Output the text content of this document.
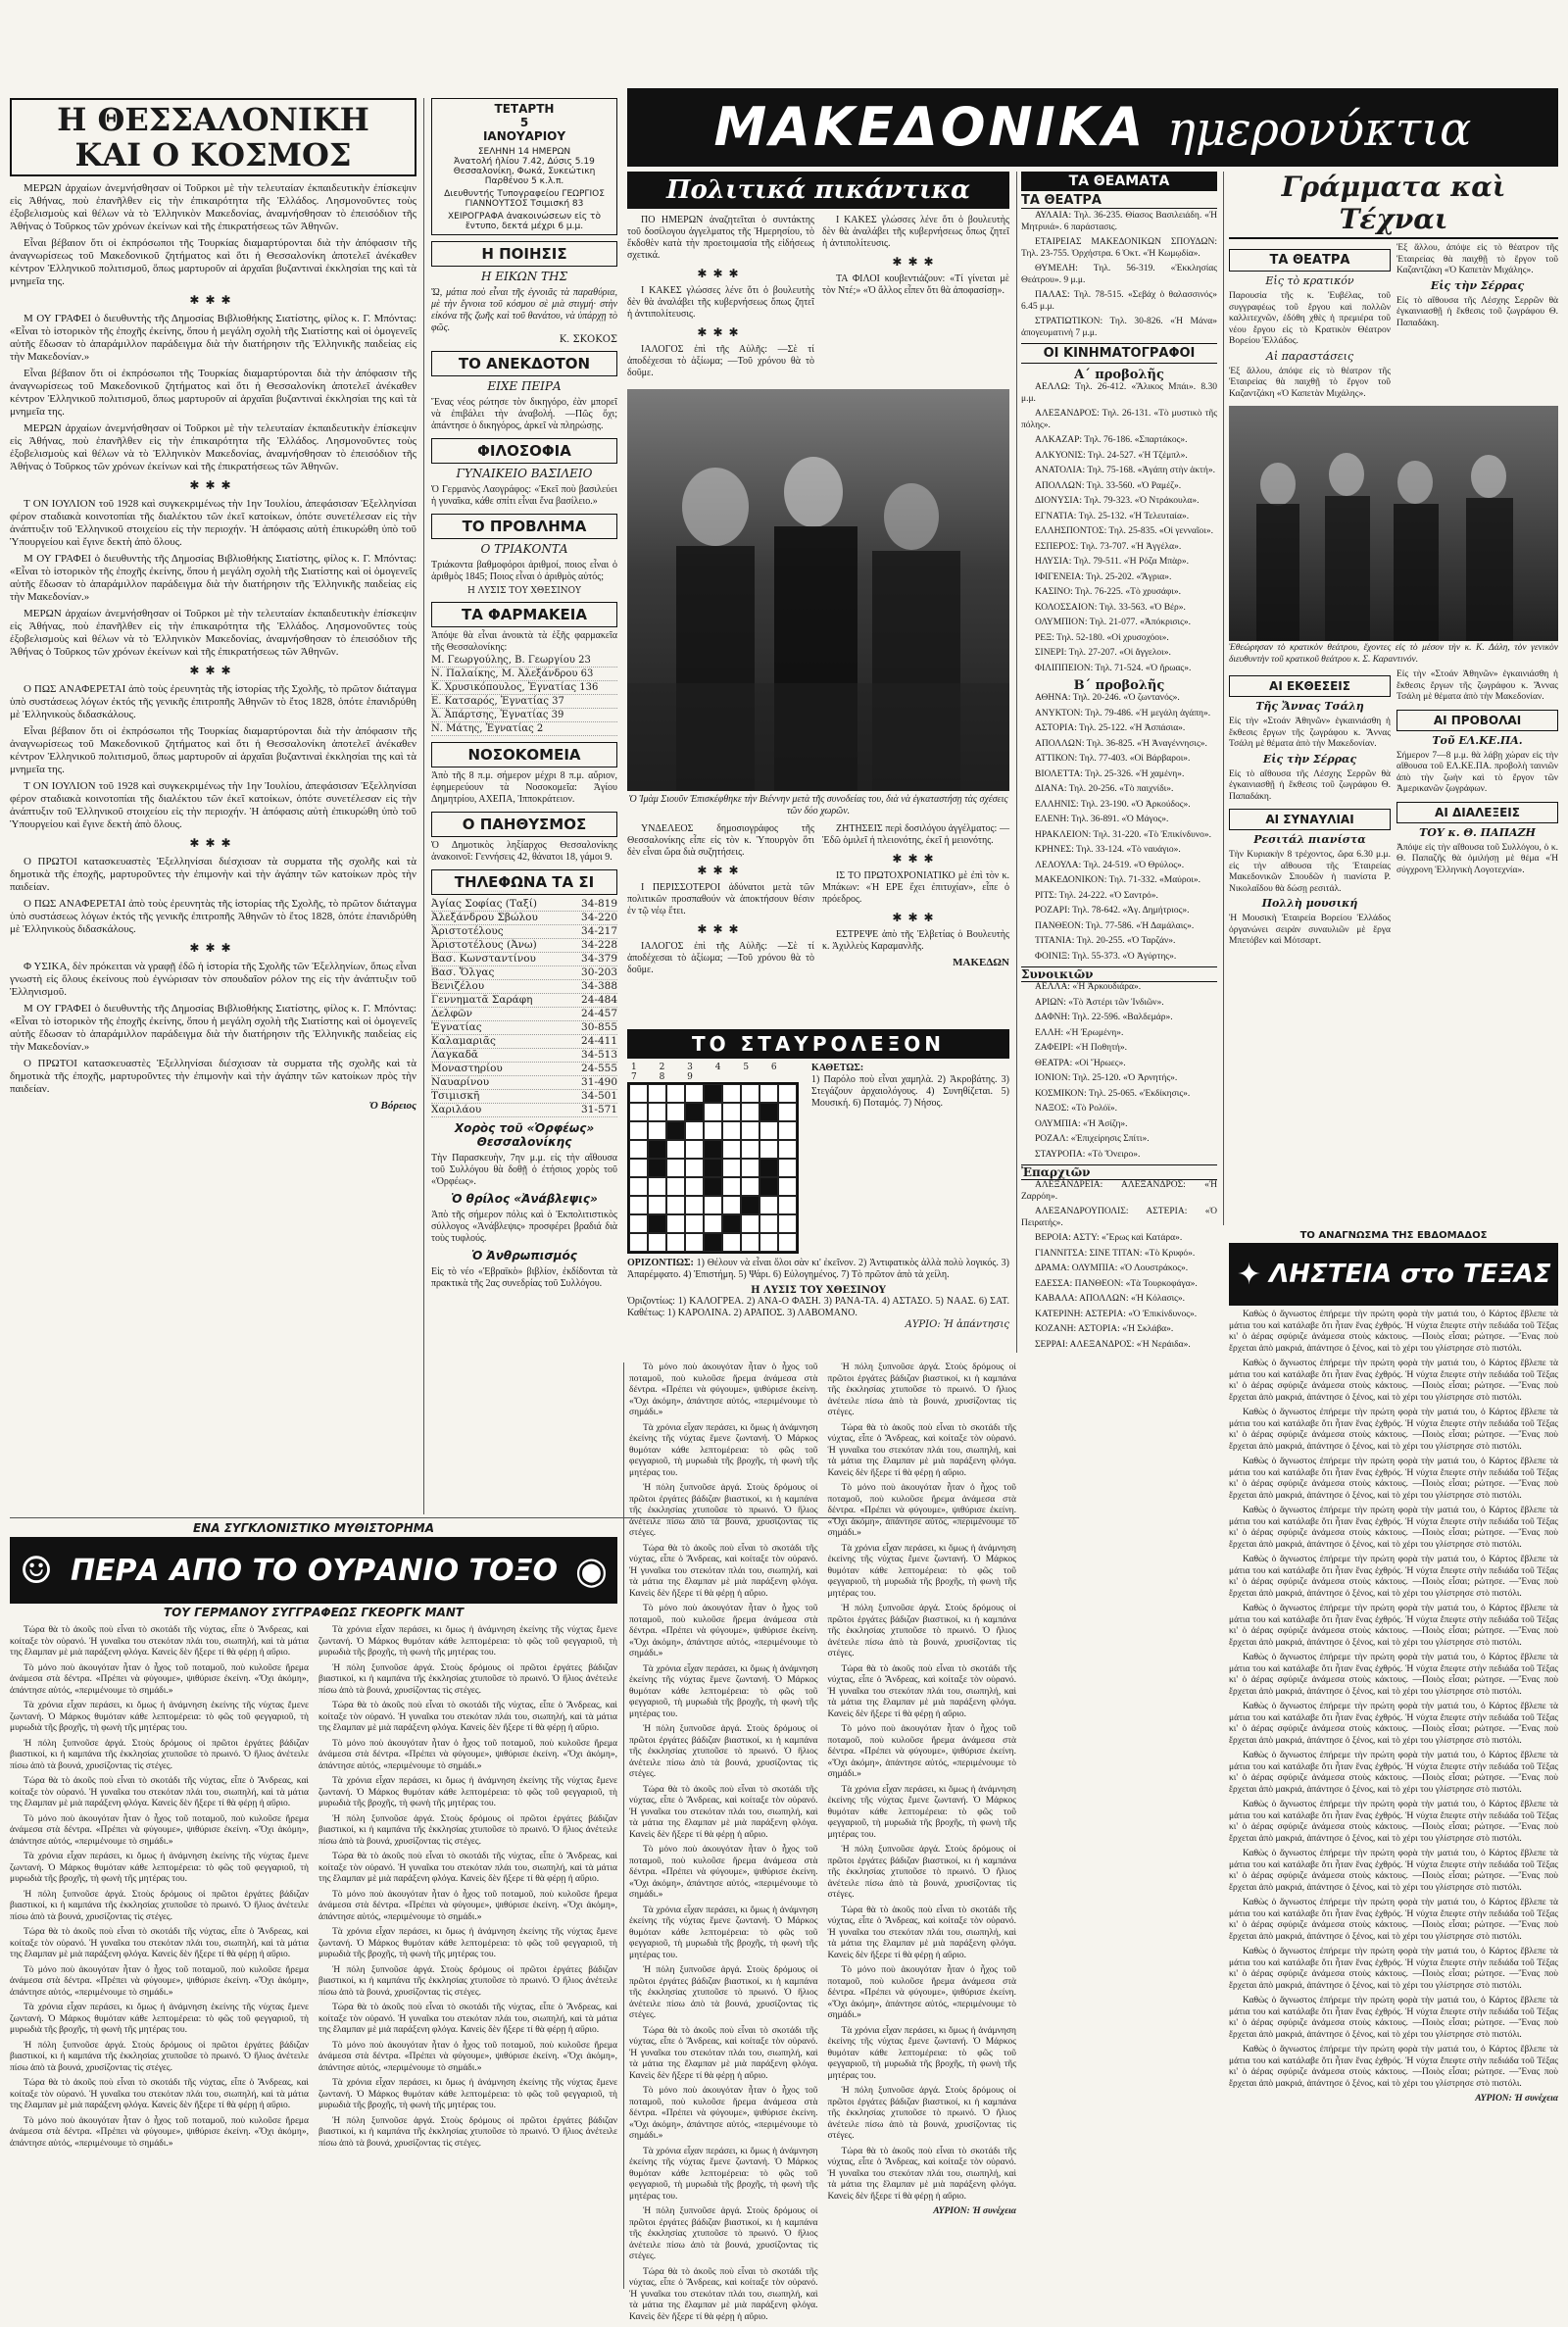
Η ΘΕΣΣΑΛΟΝΙΚΗ
ΚΑΙ Ο ΚΟΣΜΟΣ

ΜΕΡΩΝ ἀρχαίων ἀνεμνήσθησαν οἱ Τοῦρκοι μὲ τὴν τελευταίαν ἐκπαιδευτικὴν ἐπίσκεψιν εἰς Ἀθήνας, ποὺ ἐπανῆλθεν εἰς τὴν ἐπικαιρότητα τῆς Ἑλλάδος. Λησμονοῦντες τοὺς ἐξοβελισμοὺς καὶ θέλων νὰ τὸ Ἑλληνικὸν Μακεδονίας, ἀναμνήσθησαν τὸ ἐπεισόδιον τῆς Ἀθήνας ὁ Τοῦρκος τῶν χρόνων ἐκείνων καὶ τῆς ἐπικρατήσεως τῶν Ἀθηνῶν.

Εἶναι βέβαιον ὅτι οἱ ἐκπρόσωποι τῆς Τουρκίας διαμαρτύρονται διὰ τὴν ἀπόφασιν τῆς ἀναγνωρίσεως τοῦ Μακεδονικοῦ ζητήματος καὶ ὅτι ἡ Θεσσαλονίκη ἀποτελεῖ ἀνέκαθεν κέντρον Ἑλληνικοῦ πολιτισμοῦ, ὅπως μαρτυροῦν αἱ ἀρχαῖαι βυζαντιναὶ ἐκκλησίαι της καὶ τὰ μνημεῖα της.

✱✱✱

Μ ΟΥ ΓΡΑΦΕΙ ὁ διευθυντὴς τῆς Δημοσίας Βιβλιοθήκης Σιατίστης, φίλος κ. Γ. Μπόντας: «Εἶναι τὸ ἱστορικὸν τῆς ἐποχῆς ἐκείνης, ὅπου ἡ μεγάλη σχολὴ τῆς Σιατίστης καὶ οἱ ὁμογενεῖς αὐτῆς ἔδωσαν τὸ ἀπαράμιλλον παράδειγμα διὰ τὴν διατήρησιν τῆς Ἑλληνικῆς παιδείας εἰς τὴν Μακεδονίαν.»

Εἶναι βέβαιον ὅτι οἱ ἐκπρόσωποι τῆς Τουρκίας διαμαρτύρονται διὰ τὴν ἀπόφασιν τῆς ἀναγνωρίσεως τοῦ Μακεδονικοῦ ζητήματος καὶ ὅτι ἡ Θεσσαλονίκη ἀποτελεῖ ἀνέκαθεν κέντρον Ἑλληνικοῦ πολιτισμοῦ, ὅπως μαρτυροῦν αἱ ἀρχαῖαι βυζαντιναὶ ἐκκλησίαι της καὶ τὰ μνημεῖα της.

ΜΕΡΩΝ ἀρχαίων ἀνεμνήσθησαν οἱ Τοῦρκοι μὲ τὴν τελευταίαν ἐκπαιδευτικὴν ἐπίσκεψιν εἰς Ἀθήνας, ποὺ ἐπανῆλθεν εἰς τὴν ἐπικαιρότητα τῆς Ἑλλάδος. Λησμονοῦντες τοὺς ἐξοβελισμοὺς καὶ θέλων νὰ τὸ Ἑλληνικὸν Μακεδονίας, ἀναμνήσθησαν τὸ ἐπεισόδιον τῆς Ἀθήνας ὁ Τοῦρκος τῶν χρόνων ἐκείνων καὶ τῆς ἐπικρατήσεως τῶν Ἀθηνῶν.

✱✱✱

Τ ΟΝ ΙΟΥΛΙΟΝ τοῦ 1928 καὶ συγκεκριμένως τὴν 1ην Ἰουλίου, ἀπεφάσισαν Ἐξελληνίσαι φέρον σταδιακὰ κοινοτοπίαι τῆς διαλέκτου τῶν ἐκεῖ κατοίκων, ὁπότε συνετέλεσαν εἰς τὴν ἀνάπτυξιν τοῦ Ἑλληνικοῦ στοιχείου εἰς τὴν περιοχήν. Ἡ ἀπόφασις αὐτὴ ἐπικυρώθη ὑπὸ τοῦ Ὑπουργείου καὶ ἔγινε δεκτὴ ἀπὸ ὅλους.

Μ ΟΥ ΓΡΑΦΕΙ ὁ διευθυντὴς τῆς Δημοσίας Βιβλιοθήκης Σιατίστης, φίλος κ. Γ. Μπόντας: «Εἶναι τὸ ἱστορικὸν τῆς ἐποχῆς ἐκείνης, ὅπου ἡ μεγάλη σχολὴ τῆς Σιατίστης καὶ οἱ ὁμογενεῖς αὐτῆς ἔδωσαν τὸ ἀπαράμιλλον παράδειγμα διὰ τὴν διατήρησιν τῆς Ἑλληνικῆς παιδείας εἰς τὴν Μακεδονίαν.»

ΜΕΡΩΝ ἀρχαίων ἀνεμνήσθησαν οἱ Τοῦρκοι μὲ τὴν τελευταίαν ἐκπαιδευτικὴν ἐπίσκεψιν εἰς Ἀθήνας, ποὺ ἐπανῆλθεν εἰς τὴν ἐπικαιρότητα τῆς Ἑλλάδος. Λησμονοῦντες τοὺς ἐξοβελισμοὺς καὶ θέλων νὰ τὸ Ἑλληνικὸν Μακεδονίας, ἀναμνήσθησαν τὸ ἐπεισόδιον τῆς Ἀθήνας ὁ Τοῦρκος τῶν χρόνων ἐκείνων καὶ τῆς ἐπικρατήσεως τῶν Ἀθηνῶν.

✱✱✱

Ο ΠΩΣ ΑΝΑΦΕΡΕΤΑΙ ἀπὸ τοὺς ἐρευνητὰς τῆς ἱστορίας τῆς Σχολῆς, τὸ πρῶτον διάταγμα ὑπὸ συστάσεως λόγων ἐκτός τῆς γενικῆς ἐπιτροπῆς Ἀθηνῶν τὸ ἔτος 1828, ὁπότε ἐπανιδρύθη μὲ Ἑλληνικοὺς διδασκάλους.

Εἶναι βέβαιον ὅτι οἱ ἐκπρόσωποι τῆς Τουρκίας διαμαρτύρονται διὰ τὴν ἀπόφασιν τῆς ἀναγνωρίσεως τοῦ Μακεδονικοῦ ζητήματος καὶ ὅτι ἡ Θεσσαλονίκη ἀποτελεῖ ἀνέκαθεν κέντρον Ἑλληνικοῦ πολιτισμοῦ, ὅπως μαρτυροῦν αἱ ἀρχαῖαι βυζαντιναὶ ἐκκλησίαι της καὶ τὰ μνημεῖα της.

Τ ΟΝ ΙΟΥΛΙΟΝ τοῦ 1928 καὶ συγκεκριμένως τὴν 1ην Ἰουλίου, ἀπεφάσισαν Ἐξελληνίσαι φέρον σταδιακὰ κοινοτοπίαι τῆς διαλέκτου τῶν ἐκεῖ κατοίκων, ὁπότε συνετέλεσαν εἰς τὴν ἀνάπτυξιν τοῦ Ἑλληνικοῦ στοιχείου εἰς τὴν περιοχήν. Ἡ ἀπόφασις αὐτὴ ἐπικυρώθη ὑπὸ τοῦ Ὑπουργείου καὶ ἔγινε δεκτὴ ἀπὸ ὅλους.

✱✱✱

Ο ΠΡΩΤΟΙ κατασκευαστὲς Ἐξελληνίσαι διέσχισαν τὰ συρματα τῆς σχολῆς καὶ τὰ δημοτικὰ τῆς ἐποχῆς, μαρτυροῦντες τὴν ἐπιμονὴν καὶ τὴν ἀγάπην τῶν κατοίκων πρὸς τὴν παιδείαν.

Ο ΠΩΣ ΑΝΑΦΕΡΕΤΑΙ ἀπὸ τοὺς ἐρευνητὰς τῆς ἱστορίας τῆς Σχολῆς, τὸ πρῶτον διάταγμα ὑπὸ συστάσεως λόγων ἐκτός τῆς γενικῆς ἐπιτροπῆς Ἀθηνῶν τὸ ἔτος 1828, ὁπότε ἐπανιδρύθη μὲ Ἑλληνικοὺς διδασκάλους.

✱✱✱

Φ ΥΣΙΚΑ, δὲν πρόκειται νὰ γραφῇ ἐδῶ ἡ ἱστορία τῆς Σχολῆς τῶν Ἐξελληνίων, ὅπως εἶναι γνωστὴ εἰς ὅλους ἐκείνους ποὺ ἐγνώρισαν τὸν σπουδαῖον ρόλον της εἰς τὴν ἀνάπτυξιν τοῦ Ἑλληνισμοῦ.

Μ ΟΥ ΓΡΑΦΕΙ ὁ διευθυντὴς τῆς Δημοσίας Βιβλιοθήκης Σιατίστης, φίλος κ. Γ. Μπόντας: «Εἶναι τὸ ἱστορικὸν τῆς ἐποχῆς ἐκείνης, ὅπου ἡ μεγάλη σχολὴ τῆς Σιατίστης καὶ οἱ ὁμογενεῖς αὐτῆς ἔδωσαν τὸ ἀπαράμιλλον παράδειγμα διὰ τὴν διατήρησιν τῆς Ἑλληνικῆς παιδείας εἰς τὴν Μακεδονίαν.»

Ο ΠΡΩΤΟΙ κατασκευαστὲς Ἐξελληνίσαι διέσχισαν τὰ συρματα τῆς σχολῆς καὶ τὰ δημοτικὰ τῆς ἐποχῆς, μαρτυροῦντες τὴν ἐπιμονὴν καὶ τὴν ἀγάπην τῶν κατοίκων πρὸς τὴν παιδείαν.

Ὁ Βόρειος
ΤΕΤΑΡΤΗ
5
ΙΑΝΟΥΑΡΙΟΥ
ΣΕΛΗΝΗ 14 ΗΜΕΡΩΝ
Ἀνατολή ἡλίου 7.42, Δύσις 5.19
Θεσσαλονίκη, Φωκά, Συκεώτικη Παρθένου 5 κ.λ.π.
Διευθυντής Τυπογραφείου ΓΕΩΡΓΙΟΣ ΓΙΑΝΝΟΥΤΣΟΣ Τσιμισκή 83
ΧΕΙΡΟΓΡΑΦΑ ἀνακοινώσεων εἰς τὸ ἔντυπο, δεκτά μέχρι 6 μ.μ.
Η ΠΟΙΗΣΙΣ
Η ΕΙΚΩΝ ΤΗΣ
Ὤ, μάτια ποὺ εἶναι τῆς ἐγνοιᾶς τὰ παραθύρια, μὲ τὴν ἔγνοια τοῦ κόσμου σὲ μιὰ στιγμή· στὴν εἰκόνα τῆς ζωῆς καὶ τοῦ θανάτου, νὰ ὑπάρχῃ τὸ φῶς.
Κ. ΣΚΟΚΟΣ
ΤΟ ΑΝΕΚΔΟΤΟΝ
ΕΙΧΕ ΠΕΙΡΑ
Ἕνας νέος ρώτησε τὸν δικηγόρο, ἐὰν μπορεῖ νὰ ἐπιβάλει τὴν ἀναβολή. —Πῶς ὄχι; ἀπάντησε ὁ δικηγόρος, ἀρκεῖ νὰ πληρώσῃς.
ΦΙΛΟΣΟΦΙΑ
ΓΥΝΑΙΚΕΙΟ ΒΑΣΙΛΕΙΟ
Ὁ Γερμανὸς Λαογράφος: «Ἐκεῖ ποὺ βασιλεύει ἡ γυναῖκα, κάθε σπίτι εἶναι ἕνα βασίλειο.»
ΤΟ ΠΡΟΒΛΗΜΑ
Ο ΤΡΙΑΚΟΝΤΑ
Τριάκοντα βαθμοφόροι ἀριθμοί, ποιος εἶναι ὁ ἀριθμὸς 1845; Ποιος εἶναι ὁ ἀριθμὸς αὐτός;
Η ΛΥΣΙΣ ΤΟΥ ΧΘΕΣΙΝΟΥ
ΤΑ ΦΑΡΜΑΚΕΙΑ
Ἀπόψε θὰ εἶναι ἀνοικτὰ τὰ ἑξῆς φαρμακεῖα τῆς Θεσσαλονίκης:
Μ. Γεωργούλης, Β. Γεωργίου 23
Ν. Παλαίκης, Μ. Ἀλεξάνδρου 63
Κ. Χρυσικόπουλος, Ἐγνατίας 136
Ε. Κατσαρός, Ἐγνατίας 37
Ἀ. Ἀπάρτσης, Ἐγνατίας 39
Ν. Μάτης, Ἐγνατίας 2
ΝΟΣΟΚΟΜΕΙΑ
Ἀπὸ τῆς 8 π.μ. σήμερον μέχρι 8 π.μ. αὔριον, ἐφημερεύουν τὰ Νοσοκομεῖα: Ἀγίου Δημητρίου, ΑΧΕΠΑ, Ἱπποκράτειον.
Ο ΠΑΗΘΥΣΜΟΣ
Ὁ Δημοτικὸς ληξίαρχος Θεσσαλονίκης ἀνακοινοῖ: Γεννήσεις 42, θάνατοι 18, γάμοι 9.
ΤΗΛΕΦΩΝΑ ΤΑ ΣΙ
Ἀγίας Σοφίας (Ταξί)	34-819
Ἀλεξάνδρου Σβώλου	34-220
Ἀριστοτέλους	34-217
Ἀριστοτέλους (Ἀνω)	34-228
Βασ. Κωνσταντίνου	34-379
Βασ. Ὄλγας	30-203
Βενιζέλου	34-388
Γεννηματᾶ Σαράφη	24-484
Δελφῶν	24-457
Ἐγνατίας	30-855
Καλαμαριᾶς	24-411
Λαγκαδᾶ	34-513
Μοναστηρίου	24-555
Ναυαρίνου	31-490
Τσιμισκῆ	34-501
Χαριλάου	31-571
Χορὸς τοῦ «Ὀρφέως» Θεσσαλονίκης
Τὴν Παρασκευὴν, 7ην μ.μ. εἰς τὴν αἴθουσα τοῦ Συλλόγου θὰ δοθῇ ὁ ἐτήσιος χορὸς τοῦ «Ὀρφέως».
Ὁ θρίλος «Ἀνάβλεψις»
Ἀπὸ τῆς σήμερον πόλις καὶ ὁ Ἐκπολιτιστικὸς σύλλογος «Ἀνάβλεψις» προσφέρει βραδιά διὰ τοὺς τυφλούς.
Ὁ Ἀνθρωπισμός
Εἰς τὸ νέο «Ἑβραϊκὸ» βιβλίον, ἐκδίδονται τὰ πρακτικὰ τῆς 2ας συνεδρίας τοῦ Συλλόγου.
ΜΑΚΕΔΟΝΙΚΑ ημερονύκτια
Πολιτικά πικάντικα

ΠΟ ΗΜΕΡΩΝ ἀναζητεῖται ὁ συντάκτης τοῦ δοσίλογου ἀγγελματος τῆς Ἡμερησίου, τὸ ἔκδοθὲν κατὰ τὴν προετοιμασία τῆς εἰδήσεως σχετικά.

✱✱✱

Ι ΚΑΚΕΣ γλώσσες λένε ὅτι ὁ βουλευτὴς δὲν θὰ ἀναλάβει τῆς κυβερνήσεως ὅπως ζητεῖ ἡ ἀντιπολίτευσις.

✱✱✱

ΙΑΛΟΓΟΣ ἐπὶ τῆς Αὐλῆς: —Σὲ τί ἀποδέχεσαι τὸ ἀξίωμα; —Τοῦ χρόνου θὰ τὸ δοῦμε.

Ι ΚΑΚΕΣ γλώσσες λένε ὅτι ὁ βουλευτὴς δὲν θὰ ἀναλάβει τῆς κυβερνήσεως ὅπως ζητεῖ ἡ ἀντιπολίτευσις.

✱✱✱

ΤΑ ΦΙΛΟΙ κουβεντιάζουν: «Τί γίνεται μὲ τὸν Ντέ;» «Ὁ ἄλλος εἶπεν ὅτι θὰ ἀποφασίσῃ».

Ὁ Ἰμὰμ Σιουῦν Ἐπισκέφθηκε τὴν Βιέννην μετὰ τῆς συνοδείας του, διὰ νὰ ἐγκαταστήσῃ τὰς σχέσεις τῶν δύο χωρῶν.

ΥΝΔΕΛΕΟΣ δημοσιογράφος τῆς Θεσσαλονίκης εἶπε εἰς τὸν κ. Ὑπουργὸν ὅτι δὲν εἶναι ὥρα διὰ συζητήσεις.

✱✱✱

Ι ΠΕΡΙΣΣΟΤΕΡΟΙ ἀδύνατοι μετὰ τῶν πολιτικῶν προσπαθούν νὰ ἀποκτήσουν θέσιν ἐν τῷ νέῳ ἔτει.

✱✱✱

ΙΑΛΟΓΟΣ ἐπὶ τῆς Αὐλῆς: —Σὲ τί ἀποδέχεσαι τὸ ἀξίωμα; —Τοῦ χρόνου θὰ τὸ δοῦμε.

ΖΗΤΗΣΕΙΣ περὶ δοσιλόγου ἀγγέλματος: —Ἐδῶ ὁμιλεῖ ἡ πλειονότης, ἐκεῖ ἡ μειονότης.

✱✱✱

ΙΣ ΤΟ ΠΡΩΤΟΧΡΟΝΙΑΤΙΚΟ μὲ ἐπὶ τὸν κ. Μπάκων: «Ἡ ΕΡΕ ἔχει ἐπιτυχίαν», εἶπε ὁ πρόεδρος.

✱✱✱

ΕΣΤΡΕΨΕ ἀπὸ τῆς Ἐλβετίας ὁ Βουλευτὴς κ. Ἀχιλλεὺς Καραμανλῆς.

ΜΑΚΕΔΩΝ
ΤΟ ΣΤΑΥΡΟΛΕΞΟΝ
1 2 3 4 5 6 7 8 9
ΚΑΘΕΤΩΣ:
1) Παρόλο ποὺ εἶναι χαμηλὰ. 2) Ἀκροβάτης. 3) Στεγάζουν ἀρχαιολόγους. 4) Συνηθίζεται. 5) Μουσική. 6) Ποταμός. 7) Νήσος.
ΟΡΙΖΟΝΤΙΩΣ: 1) Θέλουν νὰ εἶναι ὅλοι σὰν κι' ἐκεῖνον. 2) Ἀντιφατικὸς ἀλλὰ πολὺ λογικός. 3) Ἀπαρέμφατο. 4) Ἐπιστήμη. 5) Ψάρι. 6) Εὐλογημένος. 7) Τὸ πρῶτον ἀπὸ τὰ χείλη.
Η ΛΥΣΙΣ ΤΟΥ ΧΘΕΣΙΝΟΥ
Ὁριζοντίως: 1) ΚΑΛΟΓΡΕΑ. 2) ΑΝΑ-Ο ΦΑΣΗ. 3) ΡΑΝΑ-ΤΑ. 4) ΑΣΤΑΣΟ. 5) ΝΑΑΣ. 6) ΣΑΤ. Καθέτως: 1) ΚΑΡΟΛΙΝΑ. 2) ΑΡΑΠΟΣ. 3) ΛΑΒΟΜΑΝΟ.
ΑΥΡΙΟ: Ἡ ἀπάντησις
ΤΑ ΘΕΑΜΑΤΑ
ΤΑ ΘΕΑΤΡΑ

ΑΥΛΑΙΑ: Τηλ. 36-235. Θίασος Βασιλειάδη. «Ἡ Μητρυιά». 6 παράστασις.

ΕΤΑΙΡΕΙΑΣ ΜΑΚΕΔΟΝΙΚΩΝ ΣΠΟΥΔΩΝ: Τηλ. 23-755. Ὀρχήστρα. 6 Ὀκτ. «Ἡ Κωμῳδία».

ΘΥΜΕΛΗ: Τηλ. 56-319. «Ἐκκλησίας Θεάτρου». 9 μ.μ.

ΠΑΛΑΣ: Τηλ. 78-515. «Σεβάχ ὁ θαλασσινός» 6.45 μ.μ.

ΣΤΡΑΤΙΩΤΙΚΟΝ: Τηλ. 30-826. «Ἡ Μάνα» ἀπογευματινὴ 7 μ.μ.

ΟΙ ΚΙΝΗΜΑΤΟΓΡΑΦΟΙ
Α΄ προβολῆς

ΑΕΛΛΩ: Τηλ. 26-412. «Ἄλικος Μπάι». 8.30 μ.μ.

ΑΛΕΞΑΝΔΡΟΣ: Τηλ. 26-131. «Τὸ μυστικὸ τῆς πόλης».

ΑΛΚΑΖΑΡ: Τηλ. 76-186. «Σπαρτάκος».

ΑΛΚΥΟΝΙΣ: Τηλ. 24-527. «Ἡ Τζέμπλ».

ΑΝΑΤΟΛΙΑ: Τηλ. 75-168. «Ἀγάπη στὴν ἀκτή».

ΑΠΟΛΛΩΝ: Τηλ. 33-560. «Ὁ Ραμέζ».

ΔΙΟΝΥΣΙΑ: Τηλ. 79-323. «Ὁ Ντράκουλα».

ΕΓΝΑΤΙΑ: Τηλ. 25-132. «Ἡ Τελευταία».

ΕΛΛΗΣΠΟΝΤΟΣ: Τηλ. 25-835. «Οἱ γενναῖοι».

ΕΣΠΕΡΟΣ: Τηλ. 73-707. «Ἡ Ἀγγέλα».

ΗΛΥΣΙΑ: Τηλ. 79-511. «Ἡ Ρόζα Μπὰρ».

ΙΦΙΓΕΝΕΙΑ: Τηλ. 25-202. «Ἄγρια».

ΚΑΣΙΝΟ: Τηλ. 76-225. «Τὸ χρυσάφι».

ΚΟΛΟΣΣΑΙΟΝ: Τηλ. 33-563. «Ὁ Βέρ».

ΟΛΥΜΠΙΟΝ: Τηλ. 21-077. «Ἀπόκρισις».

ΡΕΞ: Τηλ. 52-180. «Οἱ χρυσοχόοι».

ΣΙΝΕΡΙ: Τηλ. 27-207. «Οἱ ἄγγελοι».

ΦΙΛΙΠΠΕΙΟΝ: Τηλ. 71-524. «Ὁ ἥρωας».

Β΄ προβολῆς

ΑΘΗΝΑ: Τηλ. 20-246. «Ὁ ζωντανός».

ΑΝΥΚΤΟΝ: Τηλ. 79-486. «Ἡ μεγάλη ἀγάπη».

ΑΣΤΟΡΙΑ: Τηλ. 25-122. «Ἡ Ἀσπάσια».

ΑΠΟΛΛΩΝ: Τηλ. 36-825. «Ἡ Ἀναγέννησις».

ΑΤΤΙΚΟΝ: Τηλ. 77-403. «Οἱ Βάρβαροι».

ΒΙΟΛΕΤΤΑ: Τηλ. 25-326. «Ἡ χαμένη».

ΔΙΑΝΑ: Τηλ. 20-256. «Τὸ παιχνίδι».

ΕΛΛΗΝΙΣ: Τηλ. 23-190. «Ὁ Ἀρκούδος».

ΕΛΕΝΗ: Τηλ. 36-891. «Ὁ Μάγος».

ΗΡΑΚΛΕΙΟΝ: Τηλ. 31-220. «Τὸ Ἐπικίνδυνο».

ΚΡΗΝΕΣ: Τηλ. 33-124. «Τὸ ναυάγιο».

ΛΕΛΟΥΛΑ: Τηλ. 24-519. «Ὁ Θρύλος».

ΜΑΚΕΔΟΝΙΚΟΝ: Τηλ. 71-332. «Μαύροι».

ΡΙΤΣ: Τηλ. 24-222. «Ὁ Σαντρό».

ΡΟΖΑΡΙ: Τηλ. 78-642. «Ἀγ. Δημήτριος».

ΠΑΝΘΕΟΝ: Τηλ. 77-586. «Ἡ Δαμάλαις».

ΤΙΤΑΝΙΑ: Τηλ. 20-255. «Ὁ Ταρζάν».

ΦΟΙΝΙΞ: Τηλ. 55-373. «Ὁ Ἀγύρτης».

Συνοικιῶν

ΑΕΛΛΑ: «Ἡ Ἀρκουδιάρα».

ΑΡΙΩΝ: «Τὸ Ἀστέρι τῶν Ἰνδιῶν».

ΔΑΦΝΗ: Τηλ. 22-596. «Βαλδεμάρ».

ΕΛΛΗ: «Ἡ Ἐρωμένη».

ΖΑΦΕΙΡΙ: «Ἡ Ποθητή».

ΘΕΑΤΡΑ: «Οἱ Ἥρωες».

ΙΟΝΙΟΝ: Τηλ. 25-120. «Ὁ Ἀρνητής».

ΚΟΣΜΙΚΟΝ: Τηλ. 25-065. «Ἐκδίκησις».

ΝΑΞΟΣ: «Τὸ Ρολόϊ».

ΟΛΥΜΠΙΑ: «Ἡ Ἀσίζη».

ΡΟΖΑΛ: «Ἐπιχείρησις Σπίτι».

ΣΤΑΥΡΟΠΑ: «Τὸ Ὄνειρο».

Ἐπαρχιῶν

ΑΛΕΞΑΝΔΡΕΙΑ: ΑΛΕΞΑΝΔΡΟΣ: «Ἡ Ζαρρόη».

ΑΛΕΞΑΝΔΡΟΥΠΟΛΙΣ: ΑΣΤΕΡΙΑ: «Ὁ Πειρατής».

ΒΕΡΟΙΑ: ΑΣΤΥ: «Ἔρως καὶ Κατάρα».

ΓΙΑΝΝΙΤΣΑ: ΣΙΝΕ ΤΙΤΑΝ: «Τὸ Κρυφό».

ΔΡΑΜΑ: ΟΛΥΜΠΙΑ: «Ὁ Λουστράκος».

ΕΔΕΣΣΑ: ΠΑΝΘΕΟΝ: «Τὰ Τουρκοφάγα».

ΚΑΒΑΛΑ: ΑΠΟΛΛΩΝ: «Ἡ Κόλασις».

ΚΑΤΕΡΙΝΗ: ΑΣΤΕΡΙΑ: «Ὁ Ἐπικίνδυνος».

ΚΟΖΑΝΗ: ΑΣΤΟΡΙΑ: «Ἡ Σκλάβα».

ΣΕΡΡΑΙ: ΑΛΕΞΑΝΔΡΟΣ: «Ἡ Νεράιδα».

Γράμματα καὶ Τέχναι
ΤΑ ΘΕΑΤΡΑ
Εἰς τὸ κρατικόν
Παρουσία τῆς κ. Ἐυβέλας, τοῦ συγγραφέως τοῦ ἔργου καὶ πολλῶν καλλιτεχνῶν, ἐδόθη χθὲς ἡ πρεμιέρα τοῦ νέου ἔργου εἰς τὸ Κρατικὸν Θέατρον Βορείου Ἑλλάδος.
Αἱ παραστάσεις
Ἐξ ἄλλου, ἀπόψε εἰς τὸ θέατρον τῆς Ἑταιρείας θὰ παιχθῇ τὸ ἔργον τοῦ Καζαντζάκη «Ὁ Καπετὰν Μιχάλης».
Ἐξ ἄλλου, ἀπόψε εἰς τὸ θέατρον τῆς Ἑταιρείας θὰ παιχθῇ τὸ ἔργον τοῦ Καζαντζάκη «Ὁ Καπετὰν Μιχάλης».
Εἰς τὴν Σέρρας
Εἰς τὸ αἴθουσα τῆς Λέσχης Σερρῶν θὰ ἐγκαινιασθῇ ἡ ἔκθεσις τοῦ ζωγράφου Θ. Παπαδάκη.
Ἐθεώρησαν τὸ κρατικὸν θεάτρου, ἔχοντες εἰς τὸ μέσον τὴν κ. Κ. Δάλη, τὸν γενικὸν διευθυντὴν τοῦ κρατικοῦ θεάτρου κ. Σ. Καραντινόν.
ΑΙ ΕΚΘΕΣΕΙΣ
Τῆς Ἄννας Τσάλη
Εἰς τὴν «Στοάν Ἀθηνῶν» ἐγκαινιάσθη ἡ ἔκθεσις ἔργων τῆς ζωγράφου κ. Ἄννας Τσάλη μὲ θέματα ἀπὸ τὴν Μακεδονίαν.
Εἰς τὴν Σέρρας
Εἰς τὸ αἴθουσα τῆς Λέσχης Σερρῶν θὰ ἐγκαινιασθῇ ἡ ἔκθεσις τοῦ ζωγράφου Θ. Παπαδάκη.
ΑΙ ΣΥΝΑΥΛΙΑΙ
Ρεσιτάλ πιανίστα
Τὴν Κυριακὴν 8 τρέχοντος, ὥρα 6.30 μ.μ. εἰς τὴν αἴθουσα τῆς Ἑταιρείας Μακεδονικῶν Σπουδῶν ἡ πιανίστα Ρ. Νικολαΐδου θὰ δώσῃ ρεσιτάλ.
Πολλὴ μουσική
Ἡ Μουσικὴ Ἑταιρεία Βορείου Ἑλλάδος ὀργανώνει σειρὰν συναυλιῶν μὲ ἔργα Μπετόβεν καὶ Μότσαρτ.
Εἰς τὴν «Στοάν Ἀθηνῶν» ἐγκαινιάσθη ἡ ἔκθεσις ἔργων τῆς ζωγράφου κ. Ἄννας Τσάλη μὲ θέματα ἀπὸ τὴν Μακεδονίαν.
ΑΙ ΠΡΟΒΟΛΑΙ
Τοῦ ΕΛ.ΚΕ.ΠΑ.
Σήμερον 7—8 μ.μ. θὰ λάβῃ χώραν εἰς τὴν αἴθουσα τοῦ ΕΛ.ΚΕ.ΠΑ. προβολὴ ταινιῶν ἀπὸ τὴν ζωὴν καὶ τὸ ἔργον τῶν Ἀμερικανῶν ζωγράφων.
ΑΙ ΔΙΑΛΕΞΕΙΣ
ΤΟΥ κ. Θ. ΠΑΠΑΖΗ
Ἀπόψε εἰς τὴν αἴθουσα τοῦ Συλλόγου, ὁ κ. Θ. Παπαζῆς θὰ ὁμιλήσῃ μὲ θέμα «Ἡ σύγχρονη Ἑλληνικὴ Λογοτεχνία».
ΤΟ ΑΝΑΓΝΩΣΜΑ ΤΗΣ ΕΒΔΟΜΑΔΟΣ
✦ ΛΗΣΤΕΙΑ στο ΤΕΞΑΣ

Καθὼς ὁ ἄγνωστος ἐπήρεμε τὴν πρώτη φορὰ τὴν ματιά του, ὁ Κάρτος ἔβλεπε τὰ μάτια του καὶ κατάλαβε ὅτι ἦταν ἕνας ἐχθρός. Ἡ νύχτα ἔπεφτε στὴν πεδιάδα τοῦ Τέξας κι' ὁ ἀέρας σφύριζε ἀνάμεσα στοὺς κάκτους. —Ποιὸς εἶσαι; ρώτησε. —Ἕνας ποὺ ἔρχεται ἀπὸ μακριά, ἀπάντησε ὁ ξένος, καὶ τὸ χέρι του γλίστρησε στὸ πιστόλι.

Καθὼς ὁ ἄγνωστος ἐπήρεμε τὴν πρώτη φορὰ τὴν ματιά του, ὁ Κάρτος ἔβλεπε τὰ μάτια του καὶ κατάλαβε ὅτι ἦταν ἕνας ἐχθρός. Ἡ νύχτα ἔπεφτε στὴν πεδιάδα τοῦ Τέξας κι' ὁ ἀέρας σφύριζε ἀνάμεσα στοὺς κάκτους. —Ποιὸς εἶσαι; ρώτησε. —Ἕνας ποὺ ἔρχεται ἀπὸ μακριά, ἀπάντησε ὁ ξένος, καὶ τὸ χέρι του γλίστρησε στὸ πιστόλι.

Καθὼς ὁ ἄγνωστος ἐπήρεμε τὴν πρώτη φορὰ τὴν ματιά του, ὁ Κάρτος ἔβλεπε τὰ μάτια του καὶ κατάλαβε ὅτι ἦταν ἕνας ἐχθρός. Ἡ νύχτα ἔπεφτε στὴν πεδιάδα τοῦ Τέξας κι' ὁ ἀέρας σφύριζε ἀνάμεσα στοὺς κάκτους. —Ποιὸς εἶσαι; ρώτησε. —Ἕνας ποὺ ἔρχεται ἀπὸ μακριά, ἀπάντησε ὁ ξένος, καὶ τὸ χέρι του γλίστρησε στὸ πιστόλι.

Καθὼς ὁ ἄγνωστος ἐπήρεμε τὴν πρώτη φορὰ τὴν ματιά του, ὁ Κάρτος ἔβλεπε τὰ μάτια του καὶ κατάλαβε ὅτι ἦταν ἕνας ἐχθρός. Ἡ νύχτα ἔπεφτε στὴν πεδιάδα τοῦ Τέξας κι' ὁ ἀέρας σφύριζε ἀνάμεσα στοὺς κάκτους. —Ποιὸς εἶσαι; ρώτησε. —Ἕνας ποὺ ἔρχεται ἀπὸ μακριά, ἀπάντησε ὁ ξένος, καὶ τὸ χέρι του γλίστρησε στὸ πιστόλι.

Καθὼς ὁ ἄγνωστος ἐπήρεμε τὴν πρώτη φορὰ τὴν ματιά του, ὁ Κάρτος ἔβλεπε τὰ μάτια του καὶ κατάλαβε ὅτι ἦταν ἕνας ἐχθρός. Ἡ νύχτα ἔπεφτε στὴν πεδιάδα τοῦ Τέξας κι' ὁ ἀέρας σφύριζε ἀνάμεσα στοὺς κάκτους. —Ποιὸς εἶσαι; ρώτησε. —Ἕνας ποὺ ἔρχεται ἀπὸ μακριά, ἀπάντησε ὁ ξένος, καὶ τὸ χέρι του γλίστρησε στὸ πιστόλι.

Καθὼς ὁ ἄγνωστος ἐπήρεμε τὴν πρώτη φορὰ τὴν ματιά του, ὁ Κάρτος ἔβλεπε τὰ μάτια του καὶ κατάλαβε ὅτι ἦταν ἕνας ἐχθρός. Ἡ νύχτα ἔπεφτε στὴν πεδιάδα τοῦ Τέξας κι' ὁ ἀέρας σφύριζε ἀνάμεσα στοὺς κάκτους. —Ποιὸς εἶσαι; ρώτησε. —Ἕνας ποὺ ἔρχεται ἀπὸ μακριά, ἀπάντησε ὁ ξένος, καὶ τὸ χέρι του γλίστρησε στὸ πιστόλι.

Καθὼς ὁ ἄγνωστος ἐπήρεμε τὴν πρώτη φορὰ τὴν ματιά του, ὁ Κάρτος ἔβλεπε τὰ μάτια του καὶ κατάλαβε ὅτι ἦταν ἕνας ἐχθρός. Ἡ νύχτα ἔπεφτε στὴν πεδιάδα τοῦ Τέξας κι' ὁ ἀέρας σφύριζε ἀνάμεσα στοὺς κάκτους. —Ποιὸς εἶσαι; ρώτησε. —Ἕνας ποὺ ἔρχεται ἀπὸ μακριά, ἀπάντησε ὁ ξένος, καὶ τὸ χέρι του γλίστρησε στὸ πιστόλι.

Καθὼς ὁ ἄγνωστος ἐπήρεμε τὴν πρώτη φορὰ τὴν ματιά του, ὁ Κάρτος ἔβλεπε τὰ μάτια του καὶ κατάλαβε ὅτι ἦταν ἕνας ἐχθρός. Ἡ νύχτα ἔπεφτε στὴν πεδιάδα τοῦ Τέξας κι' ὁ ἀέρας σφύριζε ἀνάμεσα στοὺς κάκτους. —Ποιὸς εἶσαι; ρώτησε. —Ἕνας ποὺ ἔρχεται ἀπὸ μακριά, ἀπάντησε ὁ ξένος, καὶ τὸ χέρι του γλίστρησε στὸ πιστόλι.

Καθὼς ὁ ἄγνωστος ἐπήρεμε τὴν πρώτη φορὰ τὴν ματιά του, ὁ Κάρτος ἔβλεπε τὰ μάτια του καὶ κατάλαβε ὅτι ἦταν ἕνας ἐχθρός. Ἡ νύχτα ἔπεφτε στὴν πεδιάδα τοῦ Τέξας κι' ὁ ἀέρας σφύριζε ἀνάμεσα στοὺς κάκτους. —Ποιὸς εἶσαι; ρώτησε. —Ἕνας ποὺ ἔρχεται ἀπὸ μακριά, ἀπάντησε ὁ ξένος, καὶ τὸ χέρι του γλίστρησε στὸ πιστόλι.

Καθὼς ὁ ἄγνωστος ἐπήρεμε τὴν πρώτη φορὰ τὴν ματιά του, ὁ Κάρτος ἔβλεπε τὰ μάτια του καὶ κατάλαβε ὅτι ἦταν ἕνας ἐχθρός. Ἡ νύχτα ἔπεφτε στὴν πεδιάδα τοῦ Τέξας κι' ὁ ἀέρας σφύριζε ἀνάμεσα στοὺς κάκτους. —Ποιὸς εἶσαι; ρώτησε. —Ἕνας ποὺ ἔρχεται ἀπὸ μακριά, ἀπάντησε ὁ ξένος, καὶ τὸ χέρι του γλίστρησε στὸ πιστόλι.

Καθὼς ὁ ἄγνωστος ἐπήρεμε τὴν πρώτη φορὰ τὴν ματιά του, ὁ Κάρτος ἔβλεπε τὰ μάτια του καὶ κατάλαβε ὅτι ἦταν ἕνας ἐχθρός. Ἡ νύχτα ἔπεφτε στὴν πεδιάδα τοῦ Τέξας κι' ὁ ἀέρας σφύριζε ἀνάμεσα στοὺς κάκτους. —Ποιὸς εἶσαι; ρώτησε. —Ἕνας ποὺ ἔρχεται ἀπὸ μακριά, ἀπάντησε ὁ ξένος, καὶ τὸ χέρι του γλίστρησε στὸ πιστόλι.

Καθὼς ὁ ἄγνωστος ἐπήρεμε τὴν πρώτη φορὰ τὴν ματιά του, ὁ Κάρτος ἔβλεπε τὰ μάτια του καὶ κατάλαβε ὅτι ἦταν ἕνας ἐχθρός. Ἡ νύχτα ἔπεφτε στὴν πεδιάδα τοῦ Τέξας κι' ὁ ἀέρας σφύριζε ἀνάμεσα στοὺς κάκτους. —Ποιὸς εἶσαι; ρώτησε. —Ἕνας ποὺ ἔρχεται ἀπὸ μακριά, ἀπάντησε ὁ ξένος, καὶ τὸ χέρι του γλίστρησε στὸ πιστόλι.

Καθὼς ὁ ἄγνωστος ἐπήρεμε τὴν πρώτη φορὰ τὴν ματιά του, ὁ Κάρτος ἔβλεπε τὰ μάτια του καὶ κατάλαβε ὅτι ἦταν ἕνας ἐχθρός. Ἡ νύχτα ἔπεφτε στὴν πεδιάδα τοῦ Τέξας κι' ὁ ἀέρας σφύριζε ἀνάμεσα στοὺς κάκτους. —Ποιὸς εἶσαι; ρώτησε. —Ἕνας ποὺ ἔρχεται ἀπὸ μακριά, ἀπάντησε ὁ ξένος, καὶ τὸ χέρι του γλίστρησε στὸ πιστόλι.

Καθὼς ὁ ἄγνωστος ἐπήρεμε τὴν πρώτη φορὰ τὴν ματιά του, ὁ Κάρτος ἔβλεπε τὰ μάτια του καὶ κατάλαβε ὅτι ἦταν ἕνας ἐχθρός. Ἡ νύχτα ἔπεφτε στὴν πεδιάδα τοῦ Τέξας κι' ὁ ἀέρας σφύριζε ἀνάμεσα στοὺς κάκτους. —Ποιὸς εἶσαι; ρώτησε. —Ἕνας ποὺ ἔρχεται ἀπὸ μακριά, ἀπάντησε ὁ ξένος, καὶ τὸ χέρι του γλίστρησε στὸ πιστόλι.

Καθὼς ὁ ἄγνωστος ἐπήρεμε τὴν πρώτη φορὰ τὴν ματιά του, ὁ Κάρτος ἔβλεπε τὰ μάτια του καὶ κατάλαβε ὅτι ἦταν ἕνας ἐχθρός. Ἡ νύχτα ἔπεφτε στὴν πεδιάδα τοῦ Τέξας κι' ὁ ἀέρας σφύριζε ἀνάμεσα στοὺς κάκτους. —Ποιὸς εἶσαι; ρώτησε. —Ἕνας ποὺ ἔρχεται ἀπὸ μακριά, ἀπάντησε ὁ ξένος, καὶ τὸ χέρι του γλίστρησε στὸ πιστόλι.

Καθὼς ὁ ἄγνωστος ἐπήρεμε τὴν πρώτη φορὰ τὴν ματιά του, ὁ Κάρτος ἔβλεπε τὰ μάτια του καὶ κατάλαβε ὅτι ἦταν ἕνας ἐχθρός. Ἡ νύχτα ἔπεφτε στὴν πεδιάδα τοῦ Τέξας κι' ὁ ἀέρας σφύριζε ἀνάμεσα στοὺς κάκτους. —Ποιὸς εἶσαι; ρώτησε. —Ἕνας ποὺ ἔρχεται ἀπὸ μακριά, ἀπάντησε ὁ ξένος, καὶ τὸ χέρι του γλίστρησε στὸ πιστόλι.

ΑΥΡΙΟΝ: Ἡ συνέχεια
ΕΝΑ ΣΥΓΚΛΟΝΙΣΤΙΚΟ ΜΥΘΙΣΤΟΡΗΜΑ
☺ ΠΕΡΑ ΑΠΟ ΤΟ ΟΥΡΑΝΙΟ ΤΟΞΟ ◉
ΤΟΥ ΓΕΡΜΑΝΟΥ ΣΥΓΓΡΑΦΕΩΣ ΓΚΕΟΡΓΚ ΜΑΝΤ

Τώρα θὰ τὸ ἀκοῦς ποὺ εἶναι τὸ σκοτάδι τῆς νύχτας, εἶπε ὁ Ἄνδρεας, καὶ κοίταξε τὸν οὐρανό. Ἡ γυναῖκα του στεκόταν πλάι του, σιωπηλή, καὶ τὰ μάτια της ἔλαμπαν μὲ μιὰ παράξενη φλόγα. Κανεὶς δὲν ἤξερε τί θὰ φέρῃ ἡ αὔριο.

Τὸ μόνο ποὺ ἀκουγόταν ἦταν ὁ ἦχος τοῦ ποταμοῦ, ποὺ κυλοῦσε ἤρεμα ἀνάμεσα στὰ δέντρα. «Πρέπει νὰ φύγουμε», ψιθύρισε ἐκείνη. «Ὄχι ἀκόμη», ἀπάντησε αὐτός, «περιμένουμε τὸ σημάδι.»

Τὰ χρόνια εἶχαν περάσει, κι ὅμως ἡ ἀνάμνηση ἐκείνης τῆς νύχτας ἔμενε ζωντανή. Ὁ Μάρκος θυμόταν κάθε λεπτομέρεια: τὸ φῶς τοῦ φεγγαριοῦ, τὴ μυρωδιὰ τῆς βροχῆς, τὴ φωνὴ τῆς μητέρας του.

Ἡ πόλη ξυπνοῦσε ἀργά. Στοὺς δρόμους οἱ πρῶτοι ἐργάτες βάδιζαν βιαστικοί, κι ἡ καμπάνα τῆς ἐκκλησίας χτυποῦσε τὸ πρωινό. Ὁ ἥλιος ἀνέτειλε πίσω ἀπὸ τὰ βουνά, χρυσίζοντας τὶς στέγες.

Τώρα θὰ τὸ ἀκοῦς ποὺ εἶναι τὸ σκοτάδι τῆς νύχτας, εἶπε ὁ Ἄνδρεας, καὶ κοίταξε τὸν οὐρανό. Ἡ γυναῖκα του στεκόταν πλάι του, σιωπηλή, καὶ τὰ μάτια της ἔλαμπαν μὲ μιὰ παράξενη φλόγα. Κανεὶς δὲν ἤξερε τί θὰ φέρῃ ἡ αὔριο.

Τὸ μόνο ποὺ ἀκουγόταν ἦταν ὁ ἦχος τοῦ ποταμοῦ, ποὺ κυλοῦσε ἤρεμα ἀνάμεσα στὰ δέντρα. «Πρέπει νὰ φύγουμε», ψιθύρισε ἐκείνη. «Ὄχι ἀκόμη», ἀπάντησε αὐτός, «περιμένουμε τὸ σημάδι.»

Τὰ χρόνια εἶχαν περάσει, κι ὅμως ἡ ἀνάμνηση ἐκείνης τῆς νύχτας ἔμενε ζωντανή. Ὁ Μάρκος θυμόταν κάθε λεπτομέρεια: τὸ φῶς τοῦ φεγγαριοῦ, τὴ μυρωδιὰ τῆς βροχῆς, τὴ φωνὴ τῆς μητέρας του.

Ἡ πόλη ξυπνοῦσε ἀργά. Στοὺς δρόμους οἱ πρῶτοι ἐργάτες βάδιζαν βιαστικοί, κι ἡ καμπάνα τῆς ἐκκλησίας χτυποῦσε τὸ πρωινό. Ὁ ἥλιος ἀνέτειλε πίσω ἀπὸ τὰ βουνά, χρυσίζοντας τὶς στέγες.

Τώρα θὰ τὸ ἀκοῦς ποὺ εἶναι τὸ σκοτάδι τῆς νύχτας, εἶπε ὁ Ἄνδρεας, καὶ κοίταξε τὸν οὐρανό. Ἡ γυναῖκα του στεκόταν πλάι του, σιωπηλή, καὶ τὰ μάτια της ἔλαμπαν μὲ μιὰ παράξενη φλόγα. Κανεὶς δὲν ἤξερε τί θὰ φέρῃ ἡ αὔριο.

Τὸ μόνο ποὺ ἀκουγόταν ἦταν ὁ ἦχος τοῦ ποταμοῦ, ποὺ κυλοῦσε ἤρεμα ἀνάμεσα στὰ δέντρα. «Πρέπει νὰ φύγουμε», ψιθύρισε ἐκείνη. «Ὄχι ἀκόμη», ἀπάντησε αὐτός, «περιμένουμε τὸ σημάδι.»

Τὰ χρόνια εἶχαν περάσει, κι ὅμως ἡ ἀνάμνηση ἐκείνης τῆς νύχτας ἔμενε ζωντανή. Ὁ Μάρκος θυμόταν κάθε λεπτομέρεια: τὸ φῶς τοῦ φεγγαριοῦ, τὴ μυρωδιὰ τῆς βροχῆς, τὴ φωνὴ τῆς μητέρας του.

Ἡ πόλη ξυπνοῦσε ἀργά. Στοὺς δρόμους οἱ πρῶτοι ἐργάτες βάδιζαν βιαστικοί, κι ἡ καμπάνα τῆς ἐκκλησίας χτυποῦσε τὸ πρωινό. Ὁ ἥλιος ἀνέτειλε πίσω ἀπὸ τὰ βουνά, χρυσίζοντας τὶς στέγες.

Τώρα θὰ τὸ ἀκοῦς ποὺ εἶναι τὸ σκοτάδι τῆς νύχτας, εἶπε ὁ Ἄνδρεας, καὶ κοίταξε τὸν οὐρανό. Ἡ γυναῖκα του στεκόταν πλάι του, σιωπηλή, καὶ τὰ μάτια της ἔλαμπαν μὲ μιὰ παράξενη φλόγα. Κανεὶς δὲν ἤξερε τί θὰ φέρῃ ἡ αὔριο.

Τὸ μόνο ποὺ ἀκουγόταν ἦταν ὁ ἦχος τοῦ ποταμοῦ, ποὺ κυλοῦσε ἤρεμα ἀνάμεσα στὰ δέντρα. «Πρέπει νὰ φύγουμε», ψιθύρισε ἐκείνη. «Ὄχι ἀκόμη», ἀπάντησε αὐτός, «περιμένουμε τὸ σημάδι.»

Τὰ χρόνια εἶχαν περάσει, κι ὅμως ἡ ἀνάμνηση ἐκείνης τῆς νύχτας ἔμενε ζωντανή. Ὁ Μάρκος θυμόταν κάθε λεπτομέρεια: τὸ φῶς τοῦ φεγγαριοῦ, τὴ μυρωδιὰ τῆς βροχῆς, τὴ φωνὴ τῆς μητέρας του.

Ἡ πόλη ξυπνοῦσε ἀργά. Στοὺς δρόμους οἱ πρῶτοι ἐργάτες βάδιζαν βιαστικοί, κι ἡ καμπάνα τῆς ἐκκλησίας χτυποῦσε τὸ πρωινό. Ὁ ἥλιος ἀνέτειλε πίσω ἀπὸ τὰ βουνά, χρυσίζοντας τὶς στέγες.

Τώρα θὰ τὸ ἀκοῦς ποὺ εἶναι τὸ σκοτάδι τῆς νύχτας, εἶπε ὁ Ἄνδρεας, καὶ κοίταξε τὸν οὐρανό. Ἡ γυναῖκα του στεκόταν πλάι του, σιωπηλή, καὶ τὰ μάτια της ἔλαμπαν μὲ μιὰ παράξενη φλόγα. Κανεὶς δὲν ἤξερε τί θὰ φέρῃ ἡ αὔριο.

Τὸ μόνο ποὺ ἀκουγόταν ἦταν ὁ ἦχος τοῦ ποταμοῦ, ποὺ κυλοῦσε ἤρεμα ἀνάμεσα στὰ δέντρα. «Πρέπει νὰ φύγουμε», ψιθύρισε ἐκείνη. «Ὄχι ἀκόμη», ἀπάντησε αὐτός, «περιμένουμε τὸ σημάδι.»

Τὰ χρόνια εἶχαν περάσει, κι ὅμως ἡ ἀνάμνηση ἐκείνης τῆς νύχτας ἔμενε ζωντανή. Ὁ Μάρκος θυμόταν κάθε λεπτομέρεια: τὸ φῶς τοῦ φεγγαριοῦ, τὴ μυρωδιὰ τῆς βροχῆς, τὴ φωνὴ τῆς μητέρας του.

Ἡ πόλη ξυπνοῦσε ἀργά. Στοὺς δρόμους οἱ πρῶτοι ἐργάτες βάδιζαν βιαστικοί, κι ἡ καμπάνα τῆς ἐκκλησίας χτυποῦσε τὸ πρωινό. Ὁ ἥλιος ἀνέτειλε πίσω ἀπὸ τὰ βουνά, χρυσίζοντας τὶς στέγες.

Τώρα θὰ τὸ ἀκοῦς ποὺ εἶναι τὸ σκοτάδι τῆς νύχτας, εἶπε ὁ Ἄνδρεας, καὶ κοίταξε τὸν οὐρανό. Ἡ γυναῖκα του στεκόταν πλάι του, σιωπηλή, καὶ τὰ μάτια της ἔλαμπαν μὲ μιὰ παράξενη φλόγα. Κανεὶς δὲν ἤξερε τί θὰ φέρῃ ἡ αὔριο.

Τὸ μόνο ποὺ ἀκουγόταν ἦταν ὁ ἦχος τοῦ ποταμοῦ, ποὺ κυλοῦσε ἤρεμα ἀνάμεσα στὰ δέντρα. «Πρέπει νὰ φύγουμε», ψιθύρισε ἐκείνη. «Ὄχι ἀκόμη», ἀπάντησε αὐτός, «περιμένουμε τὸ σημάδι.»

Τὰ χρόνια εἶχαν περάσει, κι ὅμως ἡ ἀνάμνηση ἐκείνης τῆς νύχτας ἔμενε ζωντανή. Ὁ Μάρκος θυμόταν κάθε λεπτομέρεια: τὸ φῶς τοῦ φεγγαριοῦ, τὴ μυρωδιὰ τῆς βροχῆς, τὴ φωνὴ τῆς μητέρας του.

Ἡ πόλη ξυπνοῦσε ἀργά. Στοὺς δρόμους οἱ πρῶτοι ἐργάτες βάδιζαν βιαστικοί, κι ἡ καμπάνα τῆς ἐκκλησίας χτυποῦσε τὸ πρωινό. Ὁ ἥλιος ἀνέτειλε πίσω ἀπὸ τὰ βουνά, χρυσίζοντας τὶς στέγες.

Τώρα θὰ τὸ ἀκοῦς ποὺ εἶναι τὸ σκοτάδι τῆς νύχτας, εἶπε ὁ Ἄνδρεας, καὶ κοίταξε τὸν οὐρανό. Ἡ γυναῖκα του στεκόταν πλάι του, σιωπηλή, καὶ τὰ μάτια της ἔλαμπαν μὲ μιὰ παράξενη φλόγα. Κανεὶς δὲν ἤξερε τί θὰ φέρῃ ἡ αὔριο.

Τὸ μόνο ποὺ ἀκουγόταν ἦταν ὁ ἦχος τοῦ ποταμοῦ, ποὺ κυλοῦσε ἤρεμα ἀνάμεσα στὰ δέντρα. «Πρέπει νὰ φύγουμε», ψιθύρισε ἐκείνη. «Ὄχι ἀκόμη», ἀπάντησε αὐτός, «περιμένουμε τὸ σημάδι.»

Τὰ χρόνια εἶχαν περάσει, κι ὅμως ἡ ἀνάμνηση ἐκείνης τῆς νύχτας ἔμενε ζωντανή. Ὁ Μάρκος θυμόταν κάθε λεπτομέρεια: τὸ φῶς τοῦ φεγγαριοῦ, τὴ μυρωδιὰ τῆς βροχῆς, τὴ φωνὴ τῆς μητέρας του.

Ἡ πόλη ξυπνοῦσε ἀργά. Στοὺς δρόμους οἱ πρῶτοι ἐργάτες βάδιζαν βιαστικοί, κι ἡ καμπάνα τῆς ἐκκλησίας χτυποῦσε τὸ πρωινό. Ὁ ἥλιος ἀνέτειλε πίσω ἀπὸ τὰ βουνά, χρυσίζοντας τὶς στέγες.

Τὸ μόνο ποὺ ἀκουγόταν ἦταν ὁ ἦχος τοῦ ποταμοῦ, ποὺ κυλοῦσε ἤρεμα ἀνάμεσα στὰ δέντρα. «Πρέπει νὰ φύγουμε», ψιθύρισε ἐκείνη. «Ὄχι ἀκόμη», ἀπάντησε αὐτός, «περιμένουμε τὸ σημάδι.»

Τὰ χρόνια εἶχαν περάσει, κι ὅμως ἡ ἀνάμνηση ἐκείνης τῆς νύχτας ἔμενε ζωντανή. Ὁ Μάρκος θυμόταν κάθε λεπτομέρεια: τὸ φῶς τοῦ φεγγαριοῦ, τὴ μυρωδιὰ τῆς βροχῆς, τὴ φωνὴ τῆς μητέρας του.

Ἡ πόλη ξυπνοῦσε ἀργά. Στοὺς δρόμους οἱ πρῶτοι ἐργάτες βάδιζαν βιαστικοί, κι ἡ καμπάνα τῆς ἐκκλησίας χτυποῦσε τὸ πρωινό. Ὁ ἥλιος ἀνέτειλε πίσω ἀπὸ τὰ βουνά, χρυσίζοντας τὶς στέγες.

Τώρα θὰ τὸ ἀκοῦς ποὺ εἶναι τὸ σκοτάδι τῆς νύχτας, εἶπε ὁ Ἄνδρεας, καὶ κοίταξε τὸν οὐρανό. Ἡ γυναῖκα του στεκόταν πλάι του, σιωπηλή, καὶ τὰ μάτια της ἔλαμπαν μὲ μιὰ παράξενη φλόγα. Κανεὶς δὲν ἤξερε τί θὰ φέρῃ ἡ αὔριο.

Τὸ μόνο ποὺ ἀκουγόταν ἦταν ὁ ἦχος τοῦ ποταμοῦ, ποὺ κυλοῦσε ἤρεμα ἀνάμεσα στὰ δέντρα. «Πρέπει νὰ φύγουμε», ψιθύρισε ἐκείνη. «Ὄχι ἀκόμη», ἀπάντησε αὐτός, «περιμένουμε τὸ σημάδι.»

Τὰ χρόνια εἶχαν περάσει, κι ὅμως ἡ ἀνάμνηση ἐκείνης τῆς νύχτας ἔμενε ζωντανή. Ὁ Μάρκος θυμόταν κάθε λεπτομέρεια: τὸ φῶς τοῦ φεγγαριοῦ, τὴ μυρωδιὰ τῆς βροχῆς, τὴ φωνὴ τῆς μητέρας του.

Ἡ πόλη ξυπνοῦσε ἀργά. Στοὺς δρόμους οἱ πρῶτοι ἐργάτες βάδιζαν βιαστικοί, κι ἡ καμπάνα τῆς ἐκκλησίας χτυποῦσε τὸ πρωινό. Ὁ ἥλιος ἀνέτειλε πίσω ἀπὸ τὰ βουνά, χρυσίζοντας τὶς στέγες.

Τώρα θὰ τὸ ἀκοῦς ποὺ εἶναι τὸ σκοτάδι τῆς νύχτας, εἶπε ὁ Ἄνδρεας, καὶ κοίταξε τὸν οὐρανό. Ἡ γυναῖκα του στεκόταν πλάι του, σιωπηλή, καὶ τὰ μάτια της ἔλαμπαν μὲ μιὰ παράξενη φλόγα. Κανεὶς δὲν ἤξερε τί θὰ φέρῃ ἡ αὔριο.

Τὸ μόνο ποὺ ἀκουγόταν ἦταν ὁ ἦχος τοῦ ποταμοῦ, ποὺ κυλοῦσε ἤρεμα ἀνάμεσα στὰ δέντρα. «Πρέπει νὰ φύγουμε», ψιθύρισε ἐκείνη. «Ὄχι ἀκόμη», ἀπάντησε αὐτός, «περιμένουμε τὸ σημάδι.»

Τὰ χρόνια εἶχαν περάσει, κι ὅμως ἡ ἀνάμνηση ἐκείνης τῆς νύχτας ἔμενε ζωντανή. Ὁ Μάρκος θυμόταν κάθε λεπτομέρεια: τὸ φῶς τοῦ φεγγαριοῦ, τὴ μυρωδιὰ τῆς βροχῆς, τὴ φωνὴ τῆς μητέρας του.

Ἡ πόλη ξυπνοῦσε ἀργά. Στοὺς δρόμους οἱ πρῶτοι ἐργάτες βάδιζαν βιαστικοί, κι ἡ καμπάνα τῆς ἐκκλησίας χτυποῦσε τὸ πρωινό. Ὁ ἥλιος ἀνέτειλε πίσω ἀπὸ τὰ βουνά, χρυσίζοντας τὶς στέγες.

Τώρα θὰ τὸ ἀκοῦς ποὺ εἶναι τὸ σκοτάδι τῆς νύχτας, εἶπε ὁ Ἄνδρεας, καὶ κοίταξε τὸν οὐρανό. Ἡ γυναῖκα του στεκόταν πλάι του, σιωπηλή, καὶ τὰ μάτια της ἔλαμπαν μὲ μιὰ παράξενη φλόγα. Κανεὶς δὲν ἤξερε τί θὰ φέρῃ ἡ αὔριο.

Τὸ μόνο ποὺ ἀκουγόταν ἦταν ὁ ἦχος τοῦ ποταμοῦ, ποὺ κυλοῦσε ἤρεμα ἀνάμεσα στὰ δέντρα. «Πρέπει νὰ φύγουμε», ψιθύρισε ἐκείνη. «Ὄχι ἀκόμη», ἀπάντησε αὐτός, «περιμένουμε τὸ σημάδι.»

Τὰ χρόνια εἶχαν περάσει, κι ὅμως ἡ ἀνάμνηση ἐκείνης τῆς νύχτας ἔμενε ζωντανή. Ὁ Μάρκος θυμόταν κάθε λεπτομέρεια: τὸ φῶς τοῦ φεγγαριοῦ, τὴ μυρωδιὰ τῆς βροχῆς, τὴ φωνὴ τῆς μητέρας του.

Ἡ πόλη ξυπνοῦσε ἀργά. Στοὺς δρόμους οἱ πρῶτοι ἐργάτες βάδιζαν βιαστικοί, κι ἡ καμπάνα τῆς ἐκκλησίας χτυποῦσε τὸ πρωινό. Ὁ ἥλιος ἀνέτειλε πίσω ἀπὸ τὰ βουνά, χρυσίζοντας τὶς στέγες.

Τώρα θὰ τὸ ἀκοῦς ποὺ εἶναι τὸ σκοτάδι τῆς νύχτας, εἶπε ὁ Ἄνδρεας, καὶ κοίταξε τὸν οὐρανό. Ἡ γυναῖκα του στεκόταν πλάι του, σιωπηλή, καὶ τὰ μάτια της ἔλαμπαν μὲ μιὰ παράξενη φλόγα. Κανεὶς δὲν ἤξερε τί θὰ φέρῃ ἡ αὔριο.

Ἡ πόλη ξυπνοῦσε ἀργά. Στοὺς δρόμους οἱ πρῶτοι ἐργάτες βάδιζαν βιαστικοί, κι ἡ καμπάνα τῆς ἐκκλησίας χτυποῦσε τὸ πρωινό. Ὁ ἥλιος ἀνέτειλε πίσω ἀπὸ τὰ βουνά, χρυσίζοντας τὶς στέγες.

Τώρα θὰ τὸ ἀκοῦς ποὺ εἶναι τὸ σκοτάδι τῆς νύχτας, εἶπε ὁ Ἄνδρεας, καὶ κοίταξε τὸν οὐρανό. Ἡ γυναῖκα του στεκόταν πλάι του, σιωπηλή, καὶ τὰ μάτια της ἔλαμπαν μὲ μιὰ παράξενη φλόγα. Κανεὶς δὲν ἤξερε τί θὰ φέρῃ ἡ αὔριο.

Τὸ μόνο ποὺ ἀκουγόταν ἦταν ὁ ἦχος τοῦ ποταμοῦ, ποὺ κυλοῦσε ἤρεμα ἀνάμεσα στὰ δέντρα. «Πρέπει νὰ φύγουμε», ψιθύρισε ἐκείνη. «Ὄχι ἀκόμη», ἀπάντησε αὐτός, «περιμένουμε τὸ σημάδι.»

Τὰ χρόνια εἶχαν περάσει, κι ὅμως ἡ ἀνάμνηση ἐκείνης τῆς νύχτας ἔμενε ζωντανή. Ὁ Μάρκος θυμόταν κάθε λεπτομέρεια: τὸ φῶς τοῦ φεγγαριοῦ, τὴ μυρωδιὰ τῆς βροχῆς, τὴ φωνὴ τῆς μητέρας του.

Ἡ πόλη ξυπνοῦσε ἀργά. Στοὺς δρόμους οἱ πρῶτοι ἐργάτες βάδιζαν βιαστικοί, κι ἡ καμπάνα τῆς ἐκκλησίας χτυποῦσε τὸ πρωινό. Ὁ ἥλιος ἀνέτειλε πίσω ἀπὸ τὰ βουνά, χρυσίζοντας τὶς στέγες.

Τώρα θὰ τὸ ἀκοῦς ποὺ εἶναι τὸ σκοτάδι τῆς νύχτας, εἶπε ὁ Ἄνδρεας, καὶ κοίταξε τὸν οὐρανό. Ἡ γυναῖκα του στεκόταν πλάι του, σιωπηλή, καὶ τὰ μάτια της ἔλαμπαν μὲ μιὰ παράξενη φλόγα. Κανεὶς δὲν ἤξερε τί θὰ φέρῃ ἡ αὔριο.

Τὸ μόνο ποὺ ἀκουγόταν ἦταν ὁ ἦχος τοῦ ποταμοῦ, ποὺ κυλοῦσε ἤρεμα ἀνάμεσα στὰ δέντρα. «Πρέπει νὰ φύγουμε», ψιθύρισε ἐκείνη. «Ὄχι ἀκόμη», ἀπάντησε αὐτός, «περιμένουμε τὸ σημάδι.»

Τὰ χρόνια εἶχαν περάσει, κι ὅμως ἡ ἀνάμνηση ἐκείνης τῆς νύχτας ἔμενε ζωντανή. Ὁ Μάρκος θυμόταν κάθε λεπτομέρεια: τὸ φῶς τοῦ φεγγαριοῦ, τὴ μυρωδιὰ τῆς βροχῆς, τὴ φωνὴ τῆς μητέρας του.

Ἡ πόλη ξυπνοῦσε ἀργά. Στοὺς δρόμους οἱ πρῶτοι ἐργάτες βάδιζαν βιαστικοί, κι ἡ καμπάνα τῆς ἐκκλησίας χτυποῦσε τὸ πρωινό. Ὁ ἥλιος ἀνέτειλε πίσω ἀπὸ τὰ βουνά, χρυσίζοντας τὶς στέγες.

Τώρα θὰ τὸ ἀκοῦς ποὺ εἶναι τὸ σκοτάδι τῆς νύχτας, εἶπε ὁ Ἄνδρεας, καὶ κοίταξε τὸν οὐρανό. Ἡ γυναῖκα του στεκόταν πλάι του, σιωπηλή, καὶ τὰ μάτια της ἔλαμπαν μὲ μιὰ παράξενη φλόγα. Κανεὶς δὲν ἤξερε τί θὰ φέρῃ ἡ αὔριο.

Τὸ μόνο ποὺ ἀκουγόταν ἦταν ὁ ἦχος τοῦ ποταμοῦ, ποὺ κυλοῦσε ἤρεμα ἀνάμεσα στὰ δέντρα. «Πρέπει νὰ φύγουμε», ψιθύρισε ἐκείνη. «Ὄχι ἀκόμη», ἀπάντησε αὐτός, «περιμένουμε τὸ σημάδι.»

Τὰ χρόνια εἶχαν περάσει, κι ὅμως ἡ ἀνάμνηση ἐκείνης τῆς νύχτας ἔμενε ζωντανή. Ὁ Μάρκος θυμόταν κάθε λεπτομέρεια: τὸ φῶς τοῦ φεγγαριοῦ, τὴ μυρωδιὰ τῆς βροχῆς, τὴ φωνὴ τῆς μητέρας του.

Ἡ πόλη ξυπνοῦσε ἀργά. Στοὺς δρόμους οἱ πρῶτοι ἐργάτες βάδιζαν βιαστικοί, κι ἡ καμπάνα τῆς ἐκκλησίας χτυποῦσε τὸ πρωινό. Ὁ ἥλιος ἀνέτειλε πίσω ἀπὸ τὰ βουνά, χρυσίζοντας τὶς στέγες.

Τώρα θὰ τὸ ἀκοῦς ποὺ εἶναι τὸ σκοτάδι τῆς νύχτας, εἶπε ὁ Ἄνδρεας, καὶ κοίταξε τὸν οὐρανό. Ἡ γυναῖκα του στεκόταν πλάι του, σιωπηλή, καὶ τὰ μάτια της ἔλαμπαν μὲ μιὰ παράξενη φλόγα. Κανεὶς δὲν ἤξερε τί θὰ φέρῃ ἡ αὔριο.

ΑΥΡΙΟΝ: Ἡ συνέχεια
